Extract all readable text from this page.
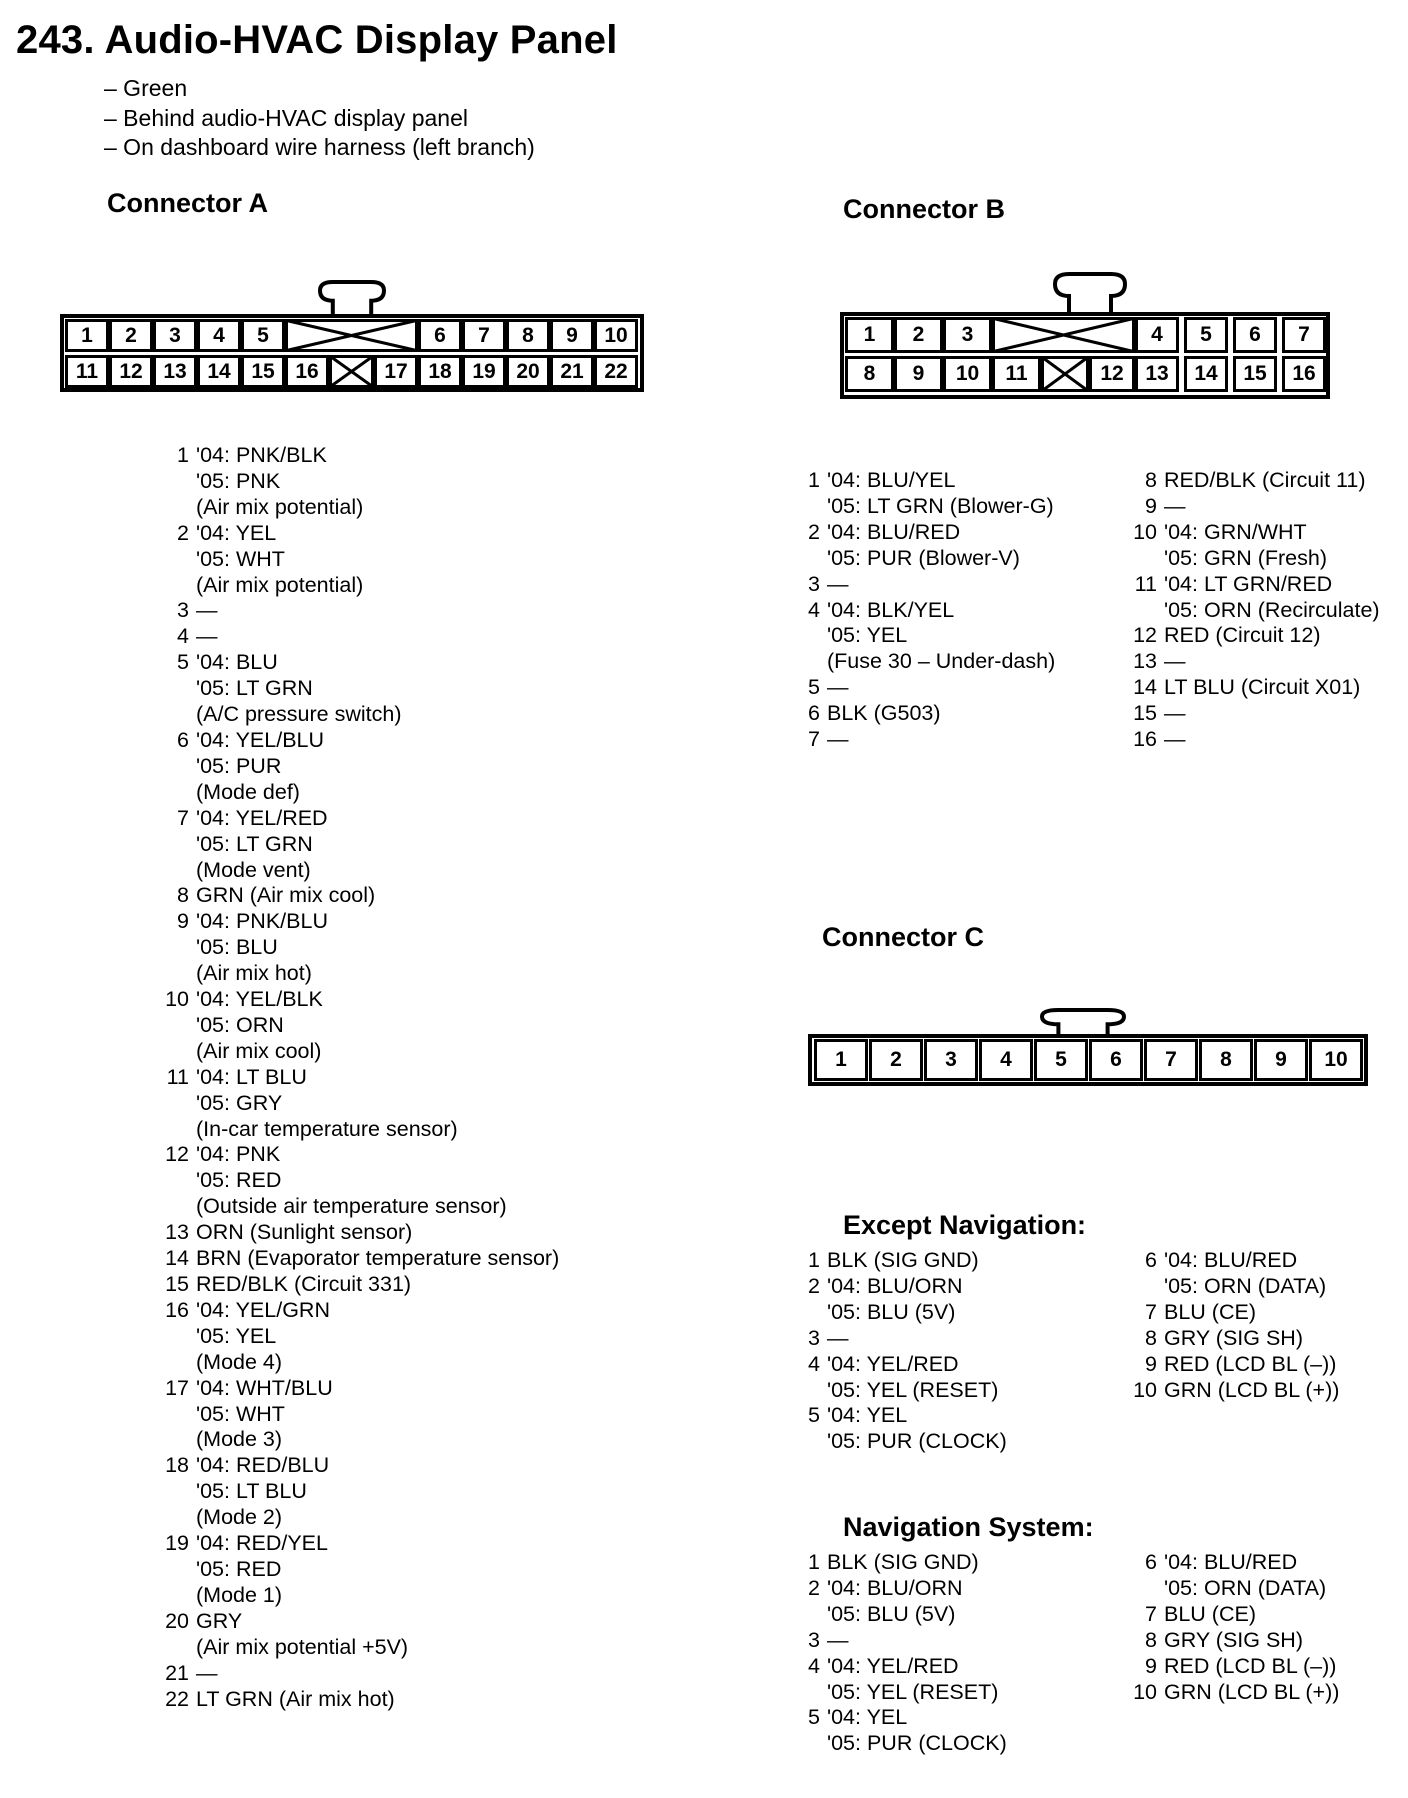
243. Audio-HVAC Display Panel
– Green
– Behind audio-HVAC display panel
– On dashboard wire harness (left branch)
Connector A
1	2	3	4	5	6	7	8	9	10
11	12 13 14 15 16	17 18 19 20 21 22
1 '04: PNK/BLK
'05: PNK
(Air mix potential)
2 '04: YEL
'05: WHT
(Air mix potential)
3 —
4 —
5 '04: BLU
'05: LT GRN
(A/C pressure switch)
6 '04: YEL/BLU
'05: PUR
(Mode def)
7 '04: YEL/RED
'05: LT GRN
(Mode vent)
8 GRN (Air mix cool)
9 '04: PNK/BLU
'05: BLU
(Air mix hot)
10 '04: YEL/BLK
'05: ORN
(Air mix cool)
11 '04: LT BLU
'05: GRY
(In-car temperature sensor)
12 '04: PNK
'05: RED
(Outside air temperature sensor)
13 ORN (Sunlight sensor)
14 BRN (Evaporator temperature sensor)
15 RED/BLK (Circuit 331)
16 '04: YEL/GRN
'05: YEL
(Mode 4)
17 '04: WHT/BLU
'05: WHT
(Mode 3)
18 '04: RED/BLU
'05: LT BLU
(Mode 2)
19 '04: RED/YEL
'05: RED
(Mode 1)
20 GRY
(Air mix potential +5V)
21 —
22 LT GRN (Air mix hot)
Connector B
1	2	3	4	5	6	7
8	9	10	11	12	13	14	15	16
1 '04: BLU/YEL
'05: LT GRN (Blower-G)
2 '04: BLU/RED
'05: PUR (Blower-V)
3 —
4 '04: BLK/YEL
'05: YEL
(Fuse 30 – Under-dash)
5 —
6 BLK (G503)
7 —
8 RED/BLK (Circuit 11)
9 —
10 '04: GRN/WHT
'05: GRN (Fresh)
11 '04: LT GRN/RED
'05: ORN (Recirculate)
12 RED (Circuit 12)
13 —
14 LT BLU (Circuit X01)
15 —
16 —
Connector C
1	2	3	4	5	6	7	8	9	10
Except Navigation:
1 BLK (SIG GND)
2 '04: BLU/ORN
'05: BLU (5V)
3 —
4 '04: YEL/RED
'05: YEL (RESET)
5 '04: YEL
'05: PUR (CLOCK)
6 '04: BLU/RED
'05: ORN (DATA)
7 BLU (CE)
8 GRY (SIG SH)
9 RED (LCD BL (–))
10 GRN (LCD BL (+))
Navigation System:
1 BLK (SIG GND)
2 '04: BLU/ORN
'05: BLU (5V)
3 —
4 '04: YEL/RED
'05: YEL (RESET)
5 '04: YEL
'05: PUR (CLOCK)
6 '04: BLU/RED
'05: ORN (DATA)
7 BLU (CE)
8 GRY (SIG SH)
9 RED (LCD BL (–))
10 GRN (LCD BL (+))
